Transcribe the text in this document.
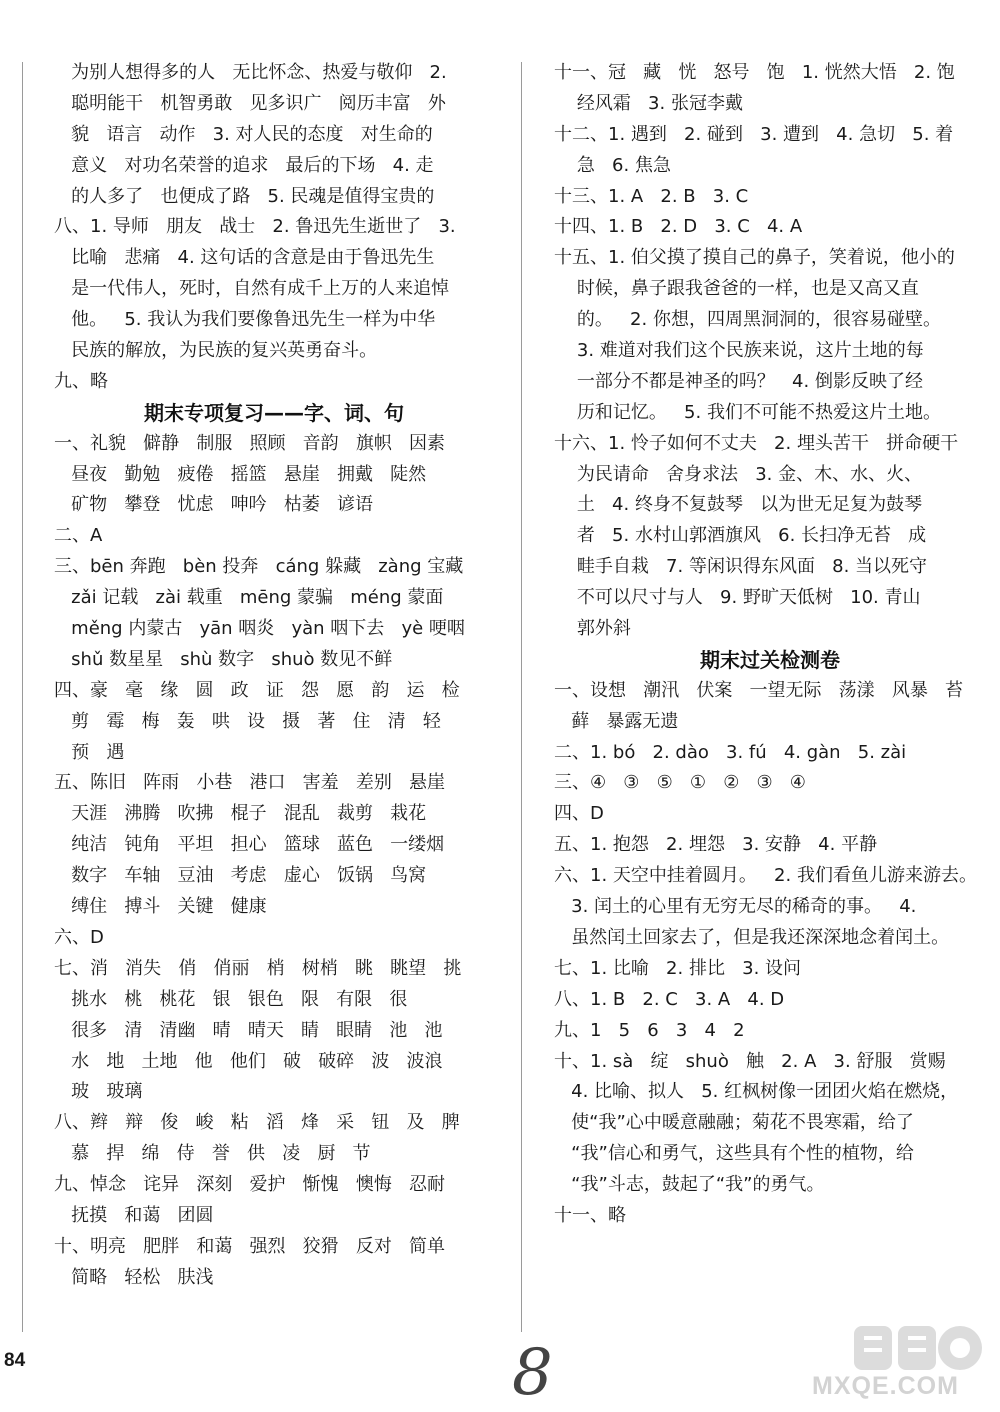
为别人想得多的人   无比怀念、热爱与敬仰   2.
聪明能干   机智勇敢   见多识广   阅历丰富   外
貌   语言   动作   3. 对人民的态度   对生命的
意义   对功名荣誉的追求   最后的下场   4. 走
的人多了   也便成了路   5. 民魂是值得宝贵的
八、1. 导师   朋友   战士   2. 鲁迅先生逝世了   3.
比喻   悲痛   4. 这句话的含意是由于鲁迅先生
是一代伟人，死时，自然有成千上万的人来追悼
他。   5. 我认为我们要像鲁迅先生一样为中华
民族的解放，为民族的复兴英勇奋斗。
九、略
期末专项复习——字、词、句
一、礼貌   僻静   制服   照顾   音韵   旗帜   因素
昼夜   勤勉   疲倦   摇篮   悬崖   拥戴   陡然
矿物   攀登   忧虑   呻吟   枯萎   谚语
二、A
三、bēn 奔跑   bèn 投奔   cáng 躲藏   zàng 宝藏
zǎi 记载   zài 载重   mēng 蒙骗   méng 蒙面
měng 内蒙古   yān 咽炎   yàn 咽下去   yè 哽咽
shǔ 数星星   shù 数字   shuò 数见不鲜
四、豪   毫   缘   圆   政   证   怨   愿   韵   运   检
剪   霉   梅   轰   哄   设   摄   著   住   清   轻
预   遇
五、陈旧   阵雨   小巷   港口   害羞   差别   悬崖
天涯   沸腾   吹拂   棍子   混乱   裁剪   栽花
纯洁   钝角   平坦   担心   篮球   蓝色   一缕烟
数字   车轴   豆油   考虑   虚心   饭锅   鸟窝
缚住   搏斗   关键   健康
六、D
七、消   消失   俏   俏丽   梢   树梢   眺   眺望   挑
挑水   桃   桃花   银   银色   限   有限   很
很多   清   清幽   晴   晴天   睛   眼睛   池   池
水   地   土地   他   他们   破   破碎   波   波浪
玻   玻璃
八、辫   辩   俊   峻   粘   滔   烽   采   钮   及   脾
慕   捍   绵   侍   誉   供   凌   厨   节
九、悼念   诧异   深刻   爱护   惭愧   懊悔   忍耐
抚摸   和蔼   团圆
十、明亮   肥胖   和蔼   强烈   狡猾   反对   简单
简略   轻松   肤浅
十一、冠   藏   恍   怒号   饱   1. 恍然大悟   2. 饱
经风霜   3. 张冠李戴
十二、1. 遇到   2. 碰到   3. 遭到   4. 急切   5. 着
急   6. 焦急
十三、1. A   2. B   3. C
十四、1. B   2. D   3. C   4. A
十五、1. 伯父摸了摸自己的鼻子，笑着说，他小的
时候，鼻子跟我爸爸的一样，也是又高又直
的。   2. 你想，四周黑洞洞的，很容易碰壁。
3. 难道对我们这个民族来说，这片土地的每
一部分不都是神圣的吗？   4. 倒影反映了经
历和记忆。   5. 我们不可能不热爱这片土地。
十六、1. 怜子如何不丈夫   2. 埋头苦干   拼命硬干
为民请命   舍身求法   3. 金、木、水、火、
土   4. 终身不复鼓琴   以为世无足复为鼓琴
者   5. 水村山郭酒旗风   6. 长扫净无苔   成
畦手自栽   7. 等闲识得东风面   8. 当以死守
不可以尺寸与人   9. 野旷天低树   10. 青山
郭外斜
期末过关检测卷
一、设想   潮汛   伏案   一望无际   荡漾   风暴   苔
藓   暴露无遗
二、1. bó   2. dào   3. fú   4. gàn   5. zài
三、④   ③   ⑤   ①   ②   ③   ④
四、D
五、1. 抱怨   2. 埋怨   3. 安静   4. 平静
六、1. 天空中挂着圆月。   2. 我们看鱼儿游来游去。
3. 闰土的心里有无穷无尽的稀奇的事。   4.
虽然闰土回家去了，但是我还深深地念着闰土。
七、1. 比喻   2. 排比   3. 设问
八、1. B   2. C   3. A   4. D
九、1   5   6   3   4   2
十、1. sà   绽   shuò   触   2. A   3. 舒服   赏赐
4. 比喻、拟人   5. 红枫树像一团团火焰在燃烧，
使“我”心中暖意融融；菊花不畏寒霜，给了
“我”信心和勇气，这些具有个性的植物，给
“我”斗志，鼓起了“我”的勇气。
十一、略
84	8	MXQE.COM
